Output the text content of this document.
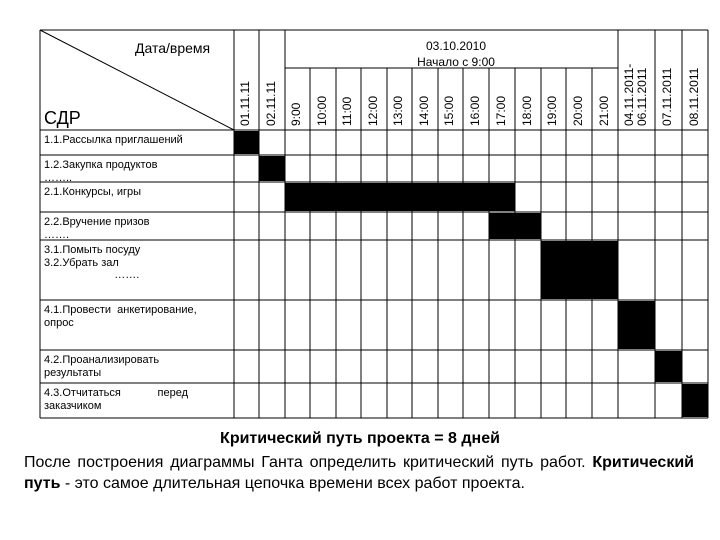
Дата/время
СДР
03.10.2010
Начало с 9:00
01.11.11 02.11.11 9:00 10:00 11:00 12:00 13:00 14:00 15:00 16:00 17:00 18:00 19:00 20:00 21:00 04.11.2011-
06.11.2011 07.11.2011 08.11.2011
1.1.Рассылка приглашений
1.2.Закупка продуктов
……..
2.1.Конкурсы, игры
2.2.Вручение призов
…….
3.1.Помыть посуду
3.2.Убрать зал
…….
4.1.Провести  анкетирование,
опрос
4.2.Проанализировать
результаты
4.3.Отчитаться            перед
заказчиком
Критический путь проекта = 8 дней
После построения диаграммы Ганта определить критический путь работ. Критический путь - это самое длительная цепочка времени всех работ проекта.
